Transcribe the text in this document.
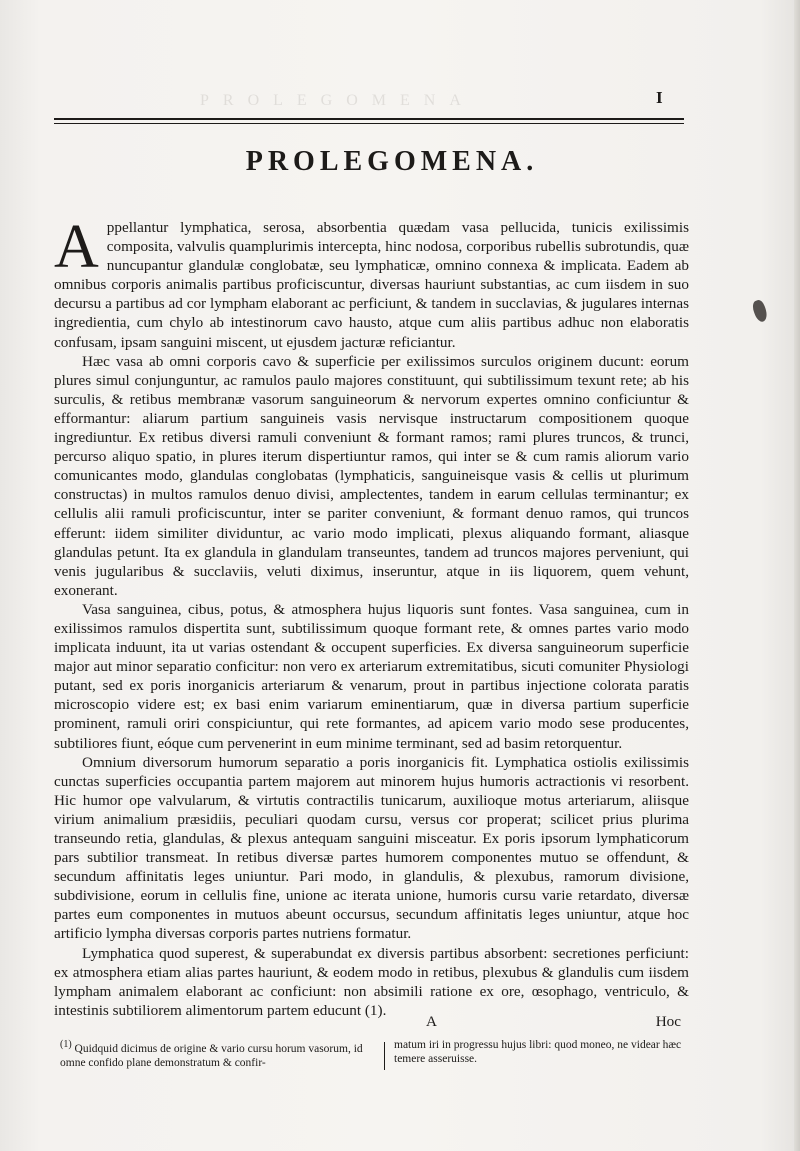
PROLEGOMENA	I
PROLEGOMENA.

Appellantur lymphatica, serosa, absorbentia quædam vasa pellucida, tunicis exilissimis composita, valvulis quamplurimis intercepta, hinc nodosa, corporibus rubellis subrotundis, quæ nuncupantur glandulæ conglobatæ, seu lymphaticæ, omnino connexa & implicata. Eadem ab omnibus corporis animalis partibus proficiscuntur, diversas hauriunt substantias, ac cum iisdem in suo decursu a partibus ad cor lympham elaborant ac perficiunt, & tandem in succlavias, & jugulares internas ingredientia, cum chylo ab intestinorum cavo hausto, atque cum aliis partibus adhuc non elaboratis confusam, ipsam sanguini miscent, ut ejusdem jacturæ reficiantur.

Hæc vasa ab omni corporis cavo & superficie per exilissimos surculos originem ducunt: eorum plures simul conjunguntur, ac ramulos paulo majores constituunt, qui subtilissimum texunt rete; ab his surculis, & retibus membranæ vasorum sanguineorum & nervorum expertes omnino conficiuntur & efformantur: aliarum partium sanguineis vasis nervisque instructarum compositionem quoque ingrediuntur. Ex retibus diversi ramuli conveniunt & formant ramos; rami plures truncos, & trunci, percurso aliquo spatio, in plures iterum dispertiuntur ramos, qui inter se & cum ramis aliorum vario comunicantes modo, glandulas conglobatas (lymphaticis, sanguineisque vasis & cellis ut plurimum constructas) in multos ramulos denuo divisi, amplectentes, tandem in earum cellulas terminantur; ex cellulis alii ramuli proficiscuntur, inter se pariter conveniunt, & formant denuo ramos, qui truncos efferunt: iidem similiter dividuntur, ac vario modo implicati, plexus aliquando formant, aliasque glandulas petunt. Ita ex glandula in glandulam transeuntes, tandem ad truncos majores perveniunt, qui venis jugularibus & succlaviis, veluti diximus, inseruntur, atque in iis liquorem, quem vehunt, exonerant.

Vasa sanguinea, cibus, potus, & atmosphera hujus liquoris sunt fontes. Vasa sanguinea, cum in exilissimos ramulos dispertita sunt, subtilissimum quoque formant rete, & omnes partes vario modo implicata induunt, ita ut varias ostendant & occupent superficies. Ex diversa sanguineorum superficie major aut minor separatio conficitur: non vero ex arteriarum extremitatibus, sicuti comuniter Physiologi putant, sed ex poris inorganicis arteriarum & venarum, prout in partibus injectione colorata paratis microscopio videre est; ex basi enim variarum eminentiarum, quæ in diversa partium superficie prominent, ramuli oriri conspiciuntur, qui rete formantes, ad apicem vario modo sese producentes, subtiliores fiunt, eóque cum pervenerint in eum minime terminant, sed ad basim retorquentur.

Omnium diversorum humorum separatio a poris inorganicis fit. Lymphatica ostiolis exilissimis cunctas superficies occupantia partem majorem aut minorem hujus humoris actractionis vi resorbent. Hic humor ope valvularum, & virtutis contractilis tunicarum, auxilioque motus arteriarum, aliisque virium animalium præsidiis, peculiari quodam cursu, versus cor properat; scilicet prius plurima transeundo retia, glandulas, & plexus antequam sanguini misceatur. Ex poris ipsorum lymphaticorum pars subtilior transmeat. In retibus diversæ partes humorem componentes mutuo se offendunt, & secundum affinitatis leges uniuntur. Pari modo, in glandulis, & plexubus, ramorum divisione, subdivisione, eorum in cellulis fine, unione ac iterata unione, humoris cursu varie retardato, diversæ partes eum componentes in mutuos abeunt occursus, secundum affinitatis leges uniuntur, atque hoc artificio lympha diversas corporis partes nutriens formatur.

Lymphatica quod superest, & superabundat ex diversis partibus absorbent: secretiones perficiunt: ex atmosphera etiam alias partes hauriunt, & eodem modo in retibus, plexubus & glandulis cum iisdem lympham animalem elaborant ac conficiunt: non absimili ratione ex ore, œsophago, ventriculo, & intestinis subtiliorem alimentorum partem educunt (1).

A	Hoc
(1) Quidquid dicimus de origine & vario cursu horum vasorum, id omne confido plane demonstratum & confir-
matum iri in progressu hujus libri: quod moneo, ne videar hæc temere asseruisse.
